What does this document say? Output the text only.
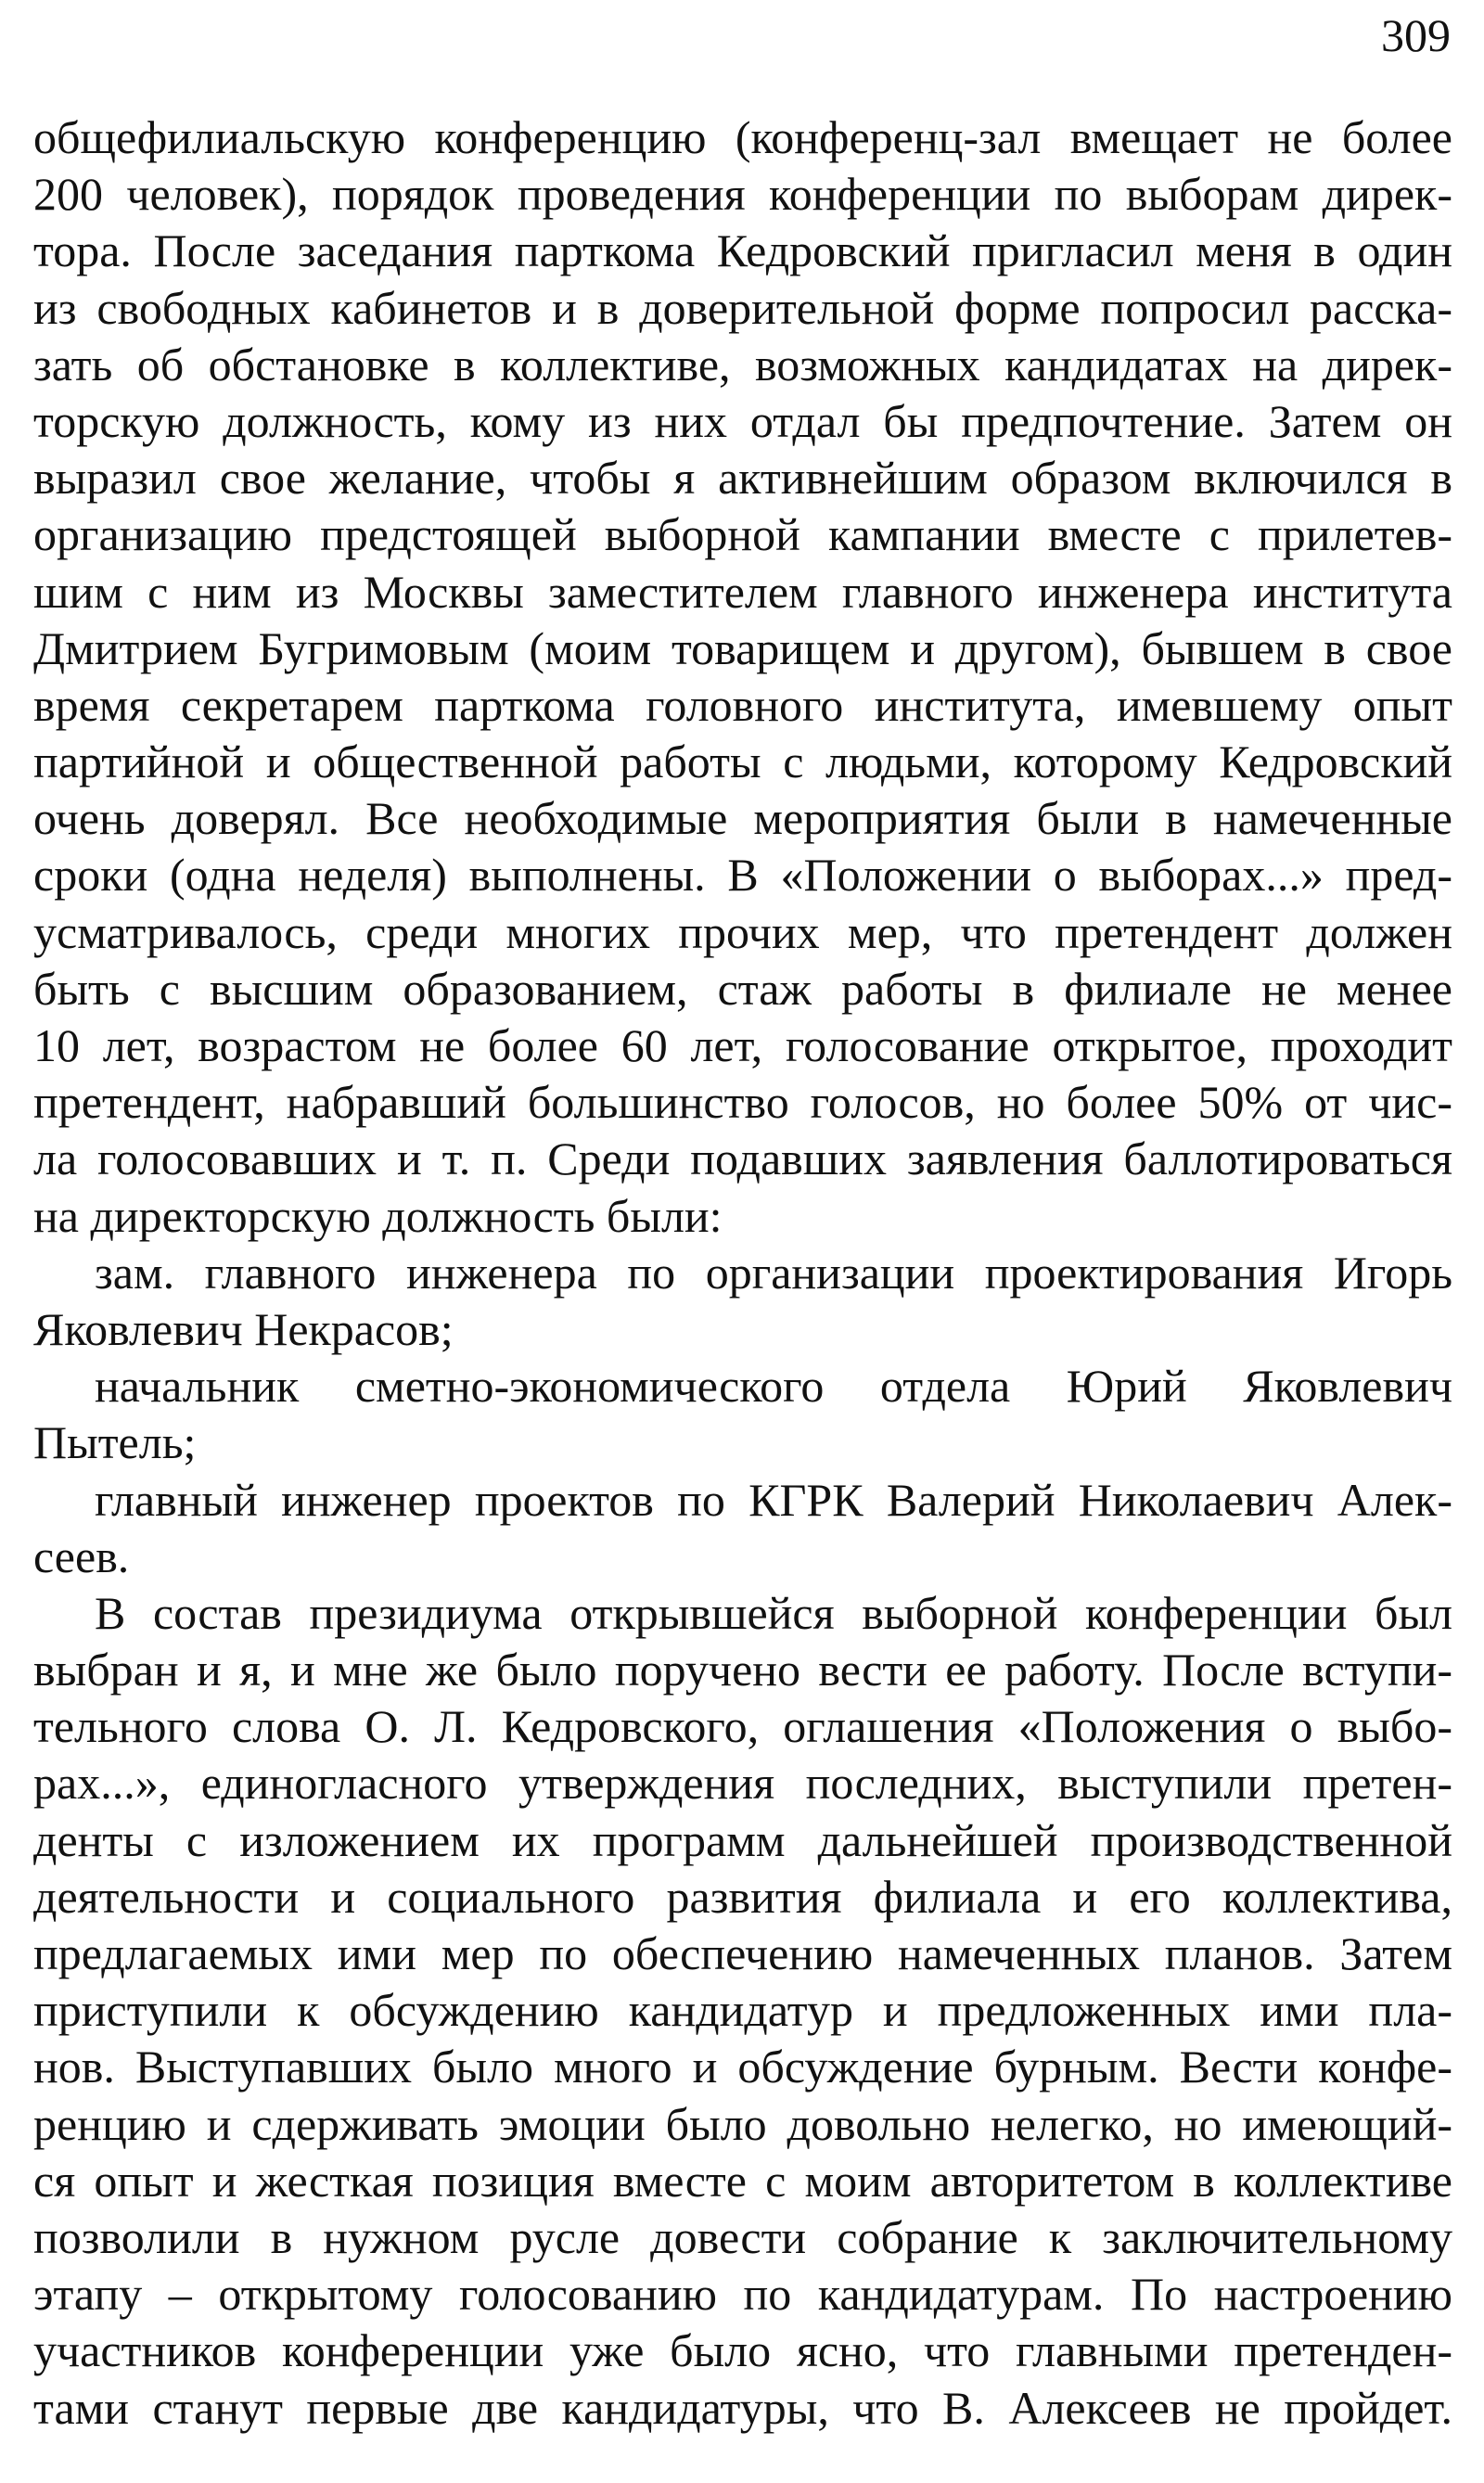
309
общефилиальскую конференцию (конференц-зал вмещает не более
200 человек), порядок проведения конференции по выборам дирек-
тора. После заседания парткома Кедровский пригласил меня в один
из свободных кабинетов и в доверительной форме попросил расска-
зать об обстановке в коллективе, возможных кандидатах на дирек-
торскую должность, кому из них отдал бы предпочтение. Затем он
выразил свое желание, чтобы я активнейшим образом включился в
организацию предстоящей выборной кампании вместе с прилетев-
шим с ним из Москвы заместителем главного инженера института
Дмитрием Бугримовым (моим товарищем и другом), бывшем в свое
время секретарем парткома головного института, имевшему опыт
партийной и общественной работы с людьми, которому Кедровский
очень доверял. Все необходимые мероприятия были в намеченные
сроки (одна неделя) выполнены. В «Положении о выборах...» пред-
усматривалось, среди многих прочих мер, что претендент должен
быть с высшим образованием, стаж работы в филиале не менее
10 лет, возрастом не более 60 лет, голосование открытое, проходит
претендент, набравший большинство голосов, но более 50% от чис-
ла голосовавших и т. п. Среди подавших заявления баллотироваться
на директорскую должность были:
зам. главного инженера по организации проектирования Игорь
Яковлевич Некрасов;
начальник сметно-экономического отдела Юрий Яковлевич
Пытель;
главный инженер проектов по КГРК Валерий Николаевич Алек-
сеев.
В состав президиума открывшейся выборной конференции был
выбран и я, и мне же было поручено вести ее работу. После вступи-
тельного слова О. Л. Кедровского, оглашения «Положения о выбо-
рах...», единогласного утверждения последних, выступили претен-
денты с изложением их программ дальнейшей производственной
деятельности и социального развития филиала и его коллектива,
предлагаемых ими мер по обеспечению намеченных планов. Затем
приступили к обсуждению кандидатур и предложенных ими пла-
нов. Выступавших было много и обсуждение бурным. Вести конфе-
ренцию и сдерживать эмоции было довольно нелегко, но имеющий-
ся опыт и жесткая позиция вместе с моим авторитетом в коллективе
позволили в нужном русле довести собрание к заключительному
этапу – открытому голосованию по кандидатурам. По настроению
участников конференции уже было ясно, что главными претенден-
тами станут первые две кандидатуры, что В. Алексеев не пройдет.
